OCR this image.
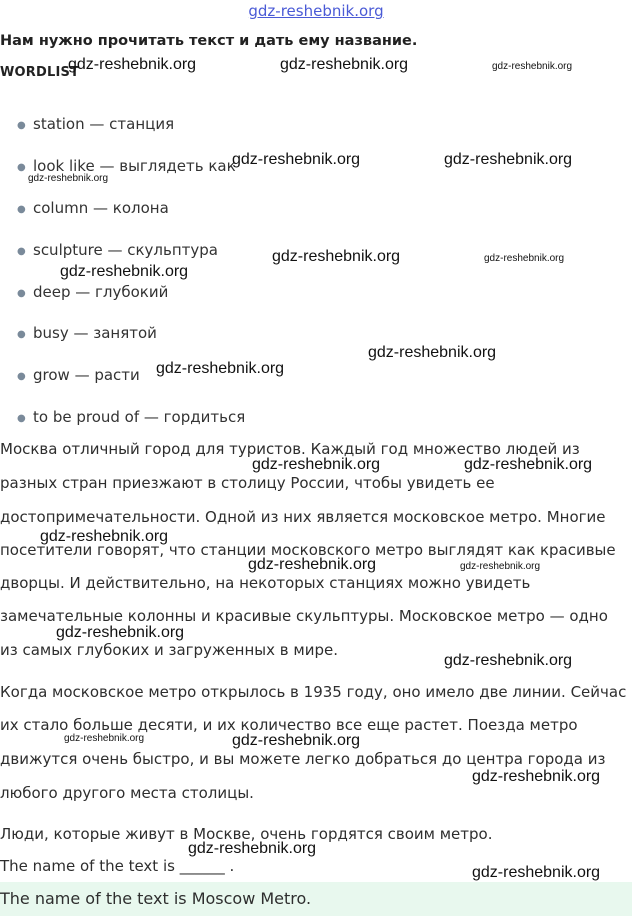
gdz-reshebnik.org
Нам нужно прочитать текст и дать ему название.
WORDLIST
● station — станция
● look like — выглядеть как
● column — колона
● sculpture — скульптура
● deep — глубокий
● busy — занятой
● grow — расти
● to be proud of — гордиться
Москва отличный город для туристов. Каждый год множество людей из
разных стран приезжают в столицу России, чтобы увидеть ее
достопримечательности. Одной из них является московское метро. Многие
посетители говорят, что станции московского метро выглядят как красивые
дворцы. И действительно, на некоторых станциях можно увидеть
замечательные колонны и красивые скульптуры. Московское метро — одно
из самых глубоких и загруженных в мире.
Когда московское метро открылось в 1935 году, оно имело две линии. Сейчас
их стало больше десяти, и их количество все еще растет. Поезда метро
движутся очень быстро, и вы можете легко добраться до центра города из
любого другого места столицы.
Люди, которые живут в Москве, очень гордятся своим метро.
The name of the text is ______ .
The name of the text is Moscow Metro.
gdz-reshebnik.org	gdz-reshebnik.org	gdz-reshebnik.org
gdz-reshebnik.org	gdz-reshebnik.org
gdz-reshebnik.org
gdz-reshebnik.org	gdz-reshebnik.org
gdz-reshebnik.org
gdz-reshebnik.org
gdz-reshebnik.org
gdz-reshebnik.org	gdz-reshebnik.org
gdz-reshebnik.org
gdz-reshebnik.org	gdz-reshebnik.org
gdz-reshebnik.org
gdz-reshebnik.org
gdz-reshebnik.org	gdz-reshebnik.org
gdz-reshebnik.org
gdz-reshebnik.org
gdz-reshebnik.org
